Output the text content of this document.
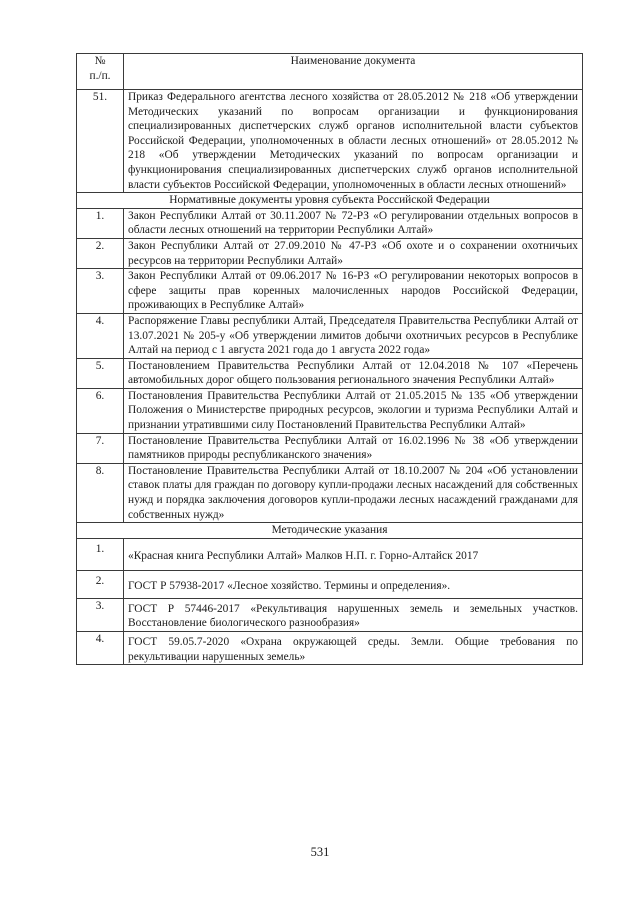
№
п./п.	Наименование документа
51.	Приказ Федерального агентства лесного хозяйства от 28.05.2012 № 218 «Об утверждении Методических указаний по вопросам организации и функционирования специализированных диспетчерских служб органов исполнительной власти субъектов Российской Федерации, уполномоченных в области лесных отношений» от 28.05.2012 № 218 «Об утверждении Методических указаний по вопросам организации и функционирования специализированных диспетчерских служб органов исполнительной власти субъектов Российской Федерации, уполномоченных в области лесных отношений»
Нормативные документы уровня субъекта Российской Федерации	
1.	Закон Республики Алтай от 30.11.2007 № 72-РЗ «О регулировании отдельных вопросов в области лесных отношений на территории Республики Алтай»
2.	Закон Республики Алтай от 27.09.2010 № 47-РЗ «Об охоте и о сохранении охотничьих ресурсов на территории Республики Алтай»
3.	Закон Республики Алтай от 09.06.2017 № 16-РЗ «О регулировании некоторых вопросов в сфере защиты прав коренных малочисленных народов Российской Федерации, проживающих в Республике Алтай»
4.	Распоряжение Главы республики Алтай, Председателя Правительства Республики Алтай от 13.07.2021 № 205-у «Об утверждении лимитов добычи охотничьих ресурсов в Республике Алтай на период с 1 августа 2021 года до 1 августа 2022 года»
5.	Постановлением Правительства Республики Алтай от 12.04.2018 № 107 «Перечень автомобильных дорог общего пользования регионального значения Республики Алтай»
6.	Постановления Правительства Республики Алтай от 21.05.2015 № 135 «Об утверждении Положения о Министерстве природных ресурсов, экологии и туризма Республики Алтай и признании утратившими силу Постановлений Правительства Республики Алтай»
7.	Постановление Правительства Республики Алтай от 16.02.1996 № 38 «Об утверждении памятников природы республиканского значения»
8.	Постановление Правительства Республики Алтай от 18.10.2007 № 204 «Об установлении ставок платы для граждан по договору купли-продажи лесных насаждений для собственных нужд и порядка заключения договоров купли-продажи лесных насаждений гражданами для собственных нужд»
Методические указания	
1.	«Красная книга Республики Алтай» Малков Н.П. г. Горно-Алтайск 2017
2.	ГОСТ Р 57938-2017 «Лесное хозяйство. Термины и определения».
3.	ГОСТ Р 57446-2017 «Рекультивация нарушенных земель и земельных участков. Восстановление биологического разнообразия»
4.	ГОСТ 59.05.7-2020 «Охрана окружающей среды. Земли. Общие требования по рекультивации нарушенных земель»
531
